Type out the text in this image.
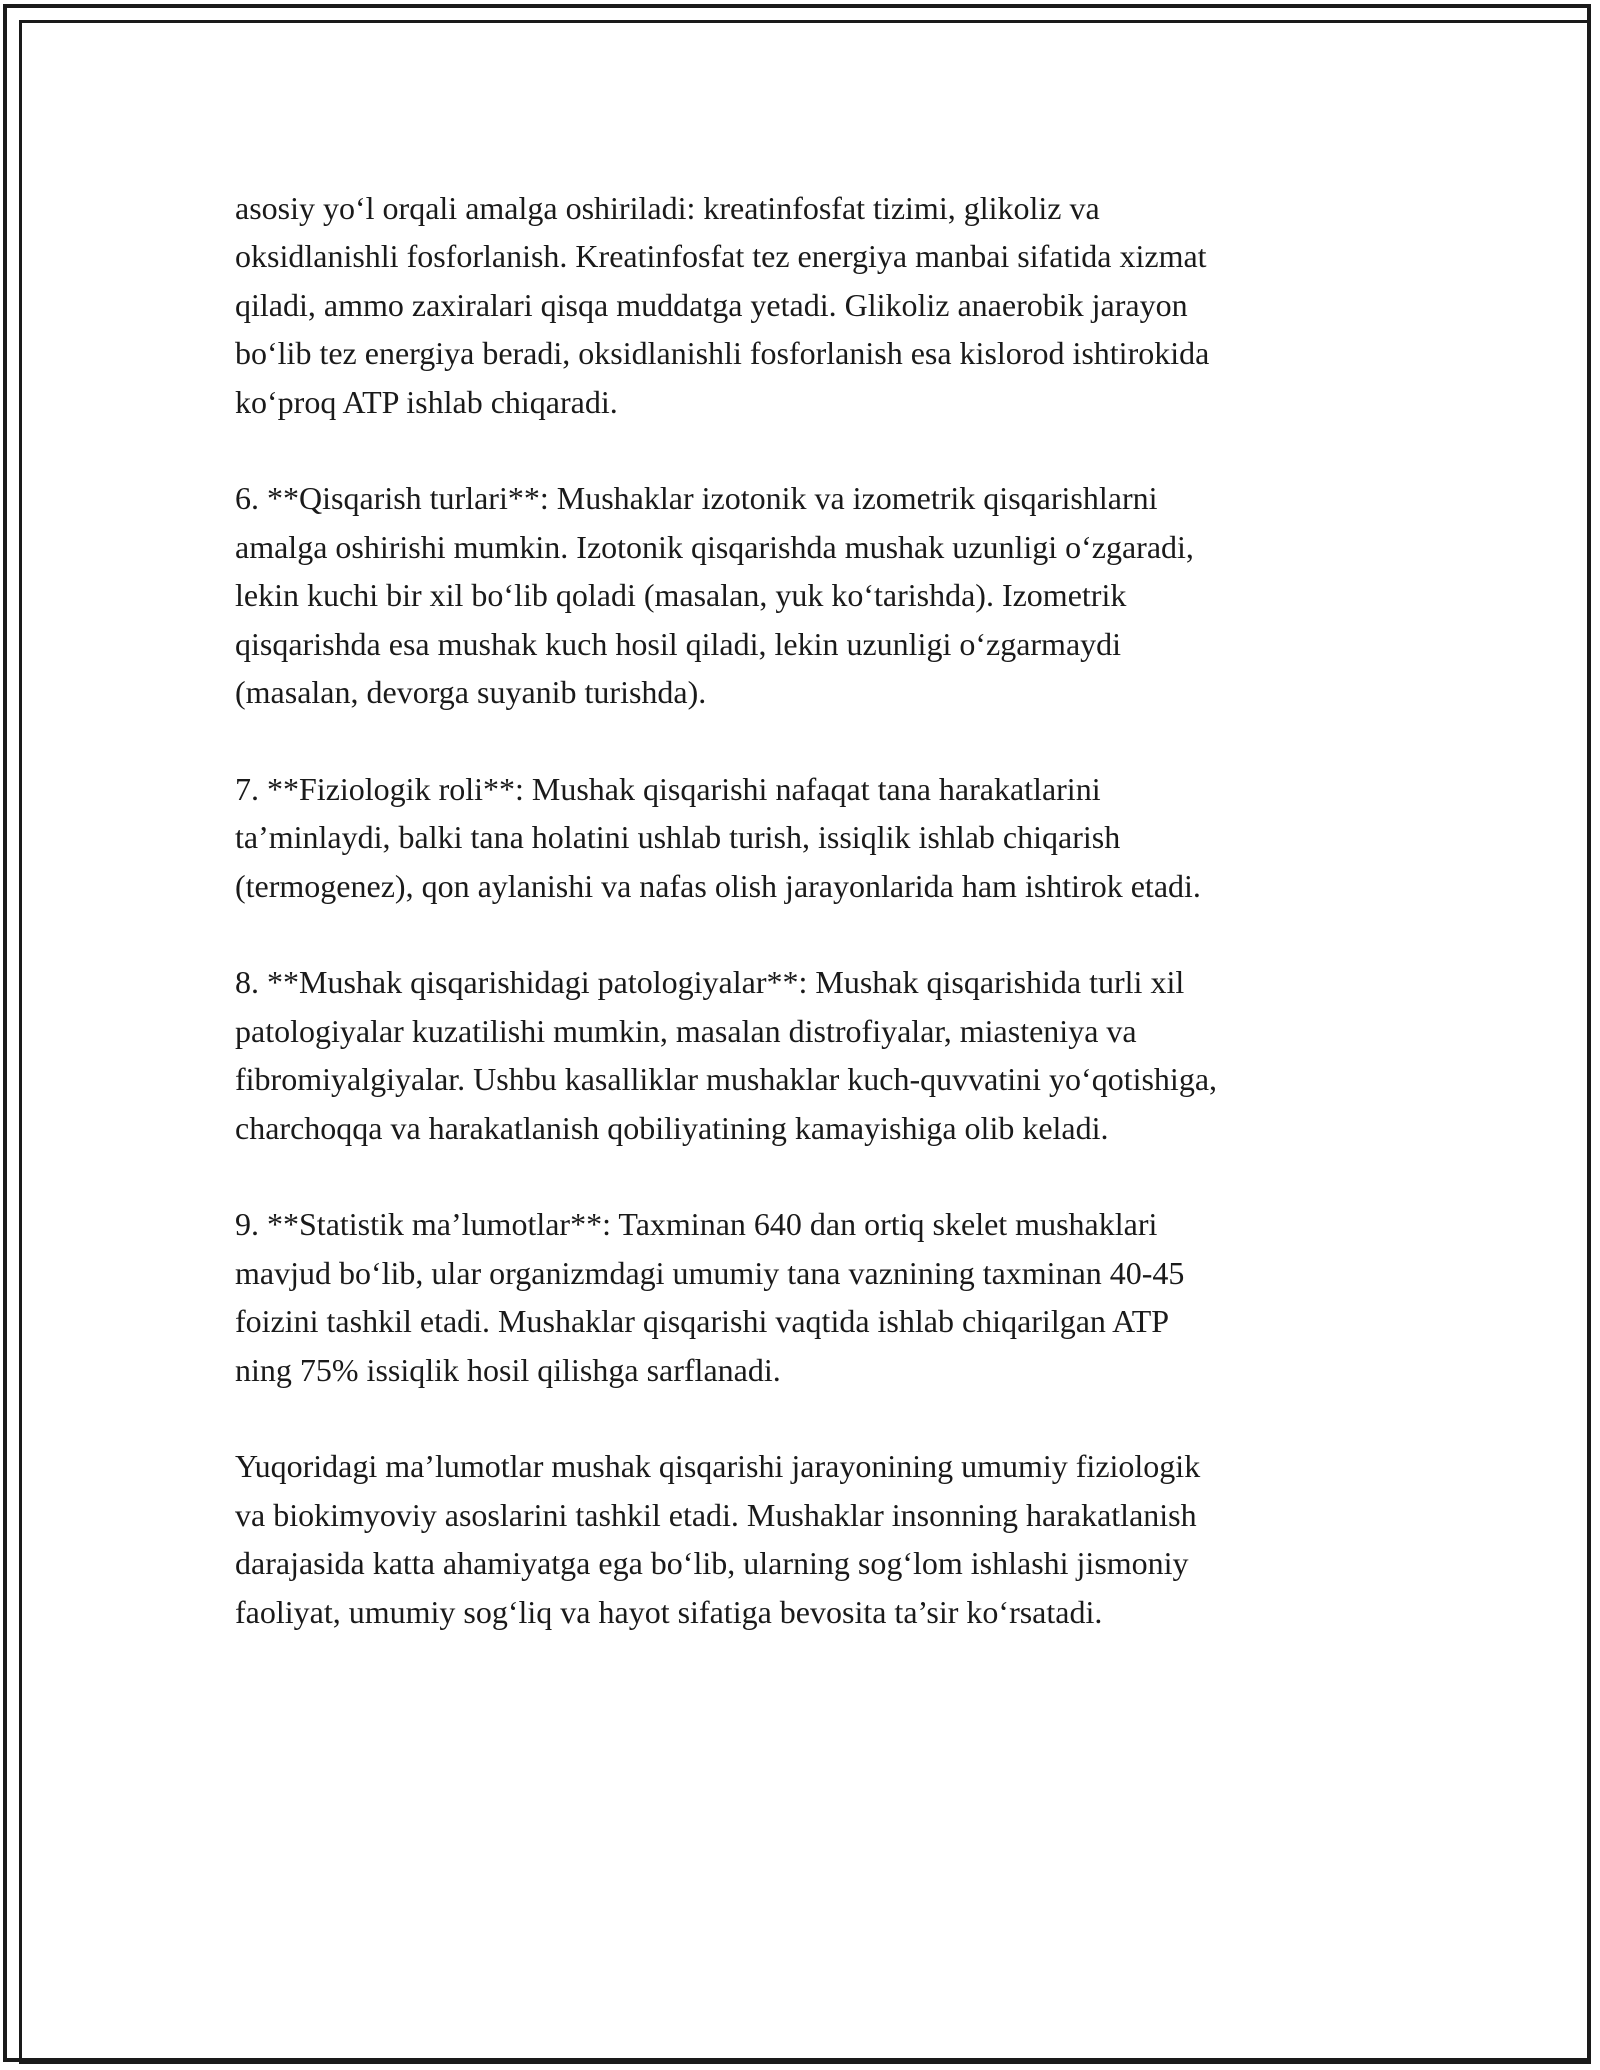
asosiy yo‘l orqali amalga oshiriladi: kreatinfosfat tizimi, glikoliz va
oksidlanishli fosforlanish. Kreatinfosfat tez energiya manbai sifatida xizmat
qiladi, ammo zaxiralari qisqa muddatga yetadi. Glikoliz anaerobik jarayon
bo‘lib tez energiya beradi, oksidlanishli fosforlanish esa kislorod ishtirokida
ko‘proq ATP ishlab chiqaradi.

6. **Qisqarish turlari**: Mushaklar izotonik va izometrik qisqarishlarni
amalga oshirishi mumkin. Izotonik qisqarishda mushak uzunligi o‘zgaradi,
lekin kuchi bir xil bo‘lib qoladi (masalan, yuk ko‘tarishda). Izometrik
qisqarishda esa mushak kuch hosil qiladi, lekin uzunligi o‘zgarmaydi
(masalan, devorga suyanib turishda).

7. **Fiziologik roli**: Mushak qisqarishi nafaqat tana harakatlarini
ta’minlaydi, balki tana holatini ushlab turish, issiqlik ishlab chiqarish
(termogenez), qon aylanishi va nafas olish jarayonlarida ham ishtirok etadi.

8. **Mushak qisqarishidagi patologiyalar**: Mushak qisqarishida turli xil
patologiyalar kuzatilishi mumkin, masalan distrofiyalar, miasteniya va
fibromiyalgiyalar. Ushbu kasalliklar mushaklar kuch-quvvatini yo‘qotishiga,
charchoqqa va harakatlanish qobiliyatining kamayishiga olib keladi.

9. **Statistik ma’lumotlar**: Taxminan 640 dan ortiq skelet mushaklari
mavjud bo‘lib, ular organizmdagi umumiy tana vaznining taxminan 40-45
foizini tashkil etadi. Mushaklar qisqarishi vaqtida ishlab chiqarilgan ATP
ning 75% issiqlik hosil qilishga sarflanadi.

Yuqoridagi ma’lumotlar mushak qisqarishi jarayonining umumiy fiziologik
va biokimyoviy asoslarini tashkil etadi. Mushaklar insonning harakatlanish
darajasida katta ahamiyatga ega bo‘lib, ularning sog‘lom ishlashi jismoniy
faoliyat, umumiy sog‘liq va hayot sifatiga bevosita ta’sir ko‘rsatadi.
